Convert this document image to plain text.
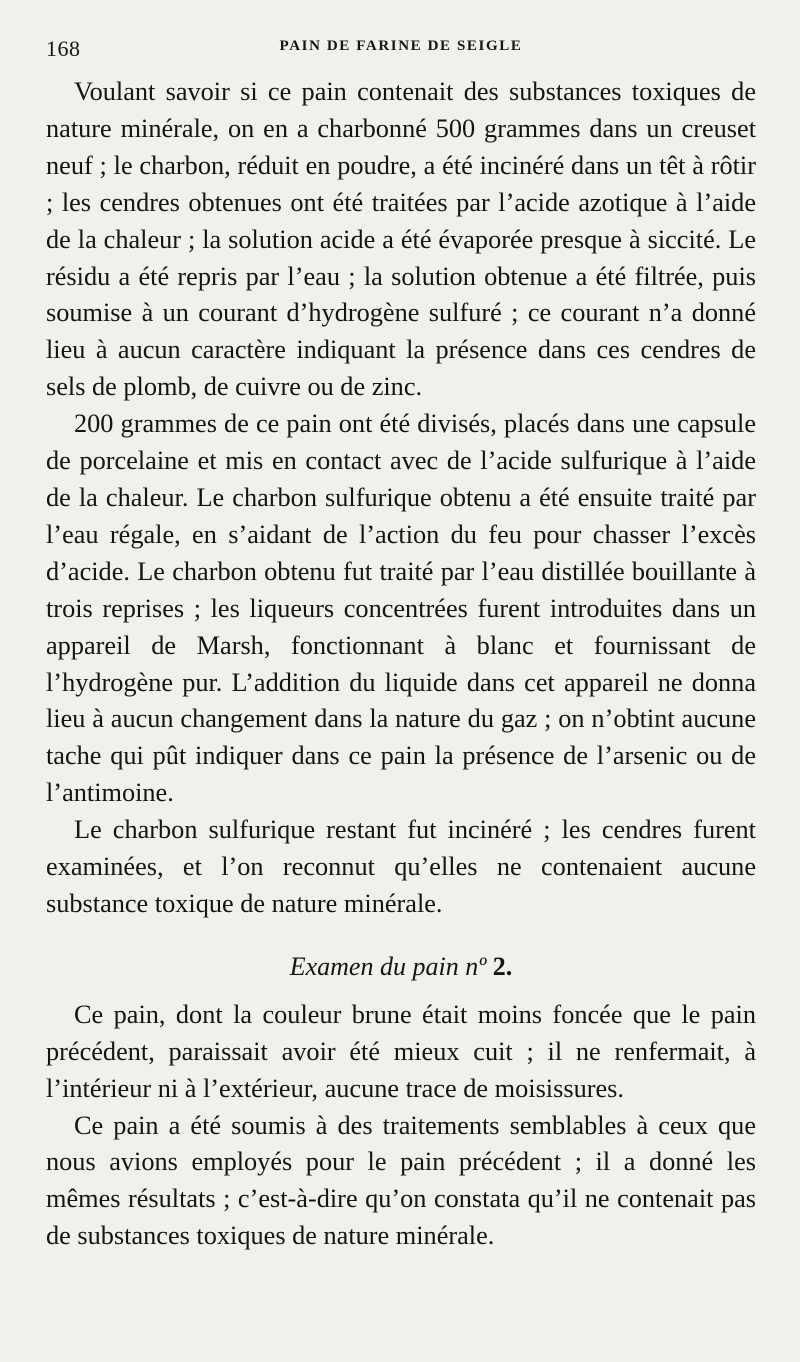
168	PAIN DE FARINE DE SEIGLE

Voulant savoir si ce pain contenait des substances toxiques de nature minérale, on en a charbonné 500 grammes dans un creuset neuf ; le charbon, réduit en poudre, a été incinéré dans un têt à rôtir ; les cendres obtenues ont été traitées par l’acide azotique à l’aide de la chaleur ; la solution acide a été évaporée presque à siccité. Le résidu a été repris par l’eau ; la solution obtenue a été filtrée, puis soumise à un courant d’hydrogène sulfuré ; ce courant n’a donné lieu à aucun caractère indiquant la présence dans ces cendres de sels de plomb, de cuivre ou de zinc.

200 grammes de ce pain ont été divisés, placés dans une capsule de porcelaine et mis en contact avec de l’acide sulfurique à l’aide de la chaleur. Le charbon sulfurique obtenu a été ensuite traité par l’eau régale, en s’aidant de l’action du feu pour chasser l’excès d’acide. Le charbon obtenu fut traité par l’eau distillée bouillante à trois reprises ; les liqueurs concentrées furent introduites dans un appareil de Marsh, fonctionnant à blanc et fournissant de l’hydrogène pur. L’addition du liquide dans cet appareil ne donna lieu à aucun changement dans la nature du gaz ; on n’obtint aucune tache qui pût indiquer dans ce pain la présence de l’arsenic ou de l’antimoine.

Le charbon sulfurique restant fut incinéré ; les cendres furent examinées, et l’on reconnut qu’elles ne contenaient aucune substance toxique de nature minérale.

Examen du pain nº 2.

Ce pain, dont la couleur brune était moins foncée que le pain précédent, paraissait avoir été mieux cuit ; il ne renfermait, à l’intérieur ni à l’extérieur, aucune trace de moisissures.

Ce pain a été soumis à des traitements semblables à ceux que nous avions employés pour le pain précédent ; il a donné les mêmes résultats ; c’est-à-dire qu’on constata qu’il ne contenait pas de substances toxiques de nature minérale.
